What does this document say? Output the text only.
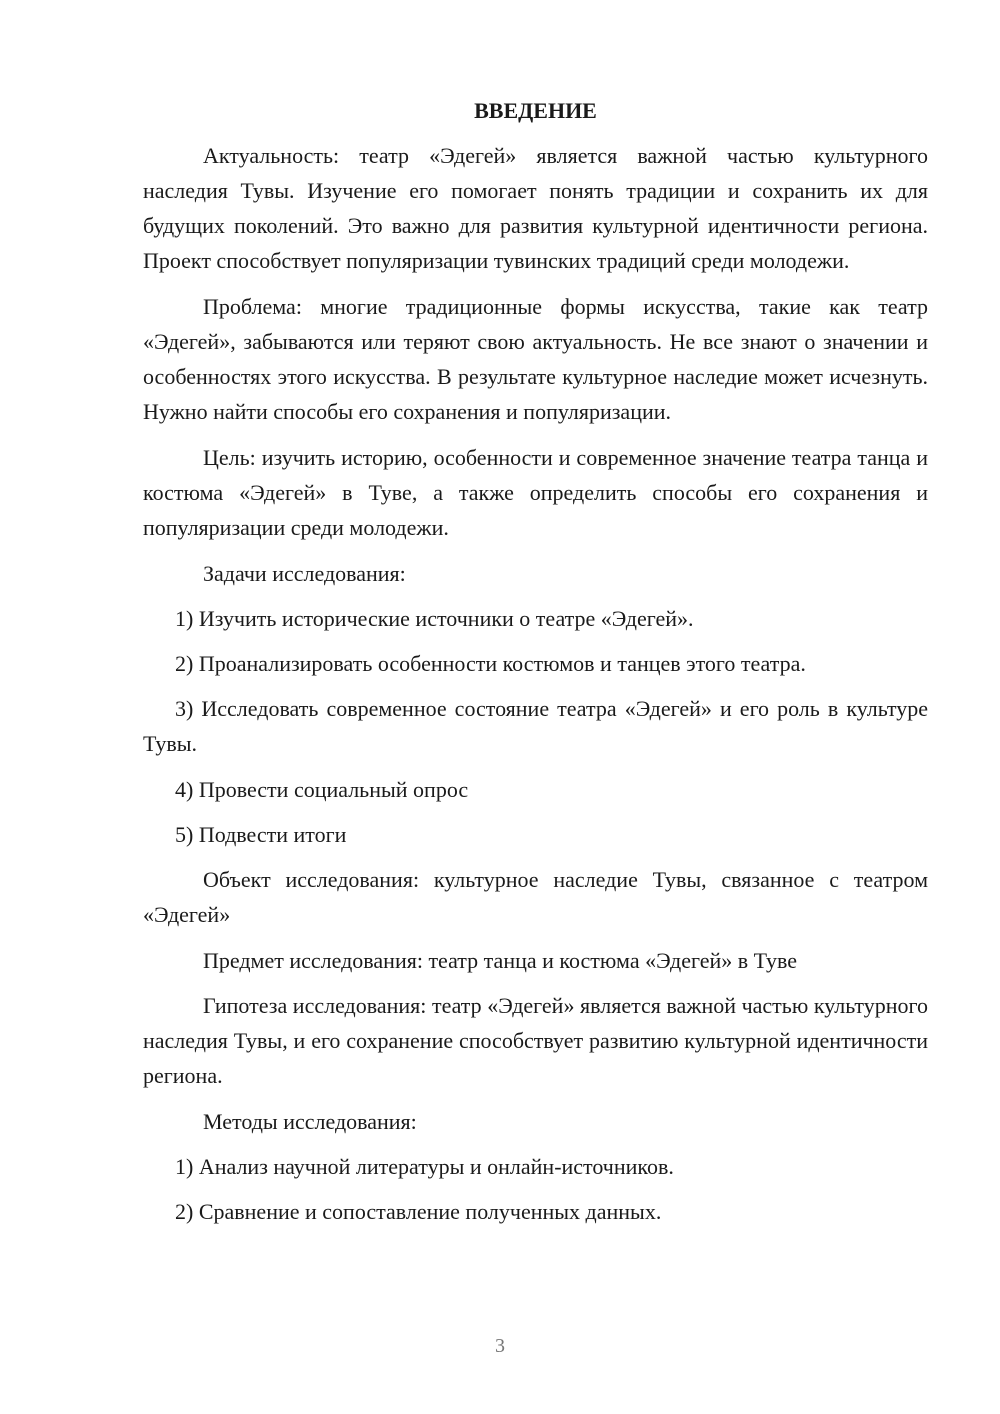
ВВЕДЕНИЕ

Актуальность: театр «Эдегей» является важной частью культурного наследия Тувы. Изучение его помогает понять традиции и сохранить их для будущих поколений. Это важно для развития культурной идентичности региона. Проект способствует популяризации тувинских традиций среди молодежи.

Проблема: многие традиционные формы искусства, такие как театр «Эдегей», забываются или теряют свою актуальность. Не все знают о значении и особенностях этого искусства. В результате культурное наследие может исчезнуть. Нужно найти способы его сохранения и популяризации.

Цель: изучить историю, особенности и современное значение театра танца и костюма «Эдегей» в Туве, а также определить способы его сохранения и популяризации среди молодежи.

Задачи исследования:

1) Изучить исторические источники о театре «Эдегей».

2) Проанализировать особенности костюмов и танцев этого театра.

3) Исследовать современное состояние театра «Эдегей» и его роль в культуре Тувы.

4) Провести социальный опрос

5) Подвести итоги

Объект исследования: культурное наследие Тувы, связанное с театром «Эдегей»

Предмет исследования: театр танца и костюма «Эдегей» в Туве

Гипотеза исследования: театр «Эдегей» является важной частью культурного наследия Тувы, и его сохранение способствует развитию культурной идентичности региона.

Методы исследования:

1) Анализ научной литературы и онлайн-источников.

2) Сравнение и сопоставление полученных данных.

3
